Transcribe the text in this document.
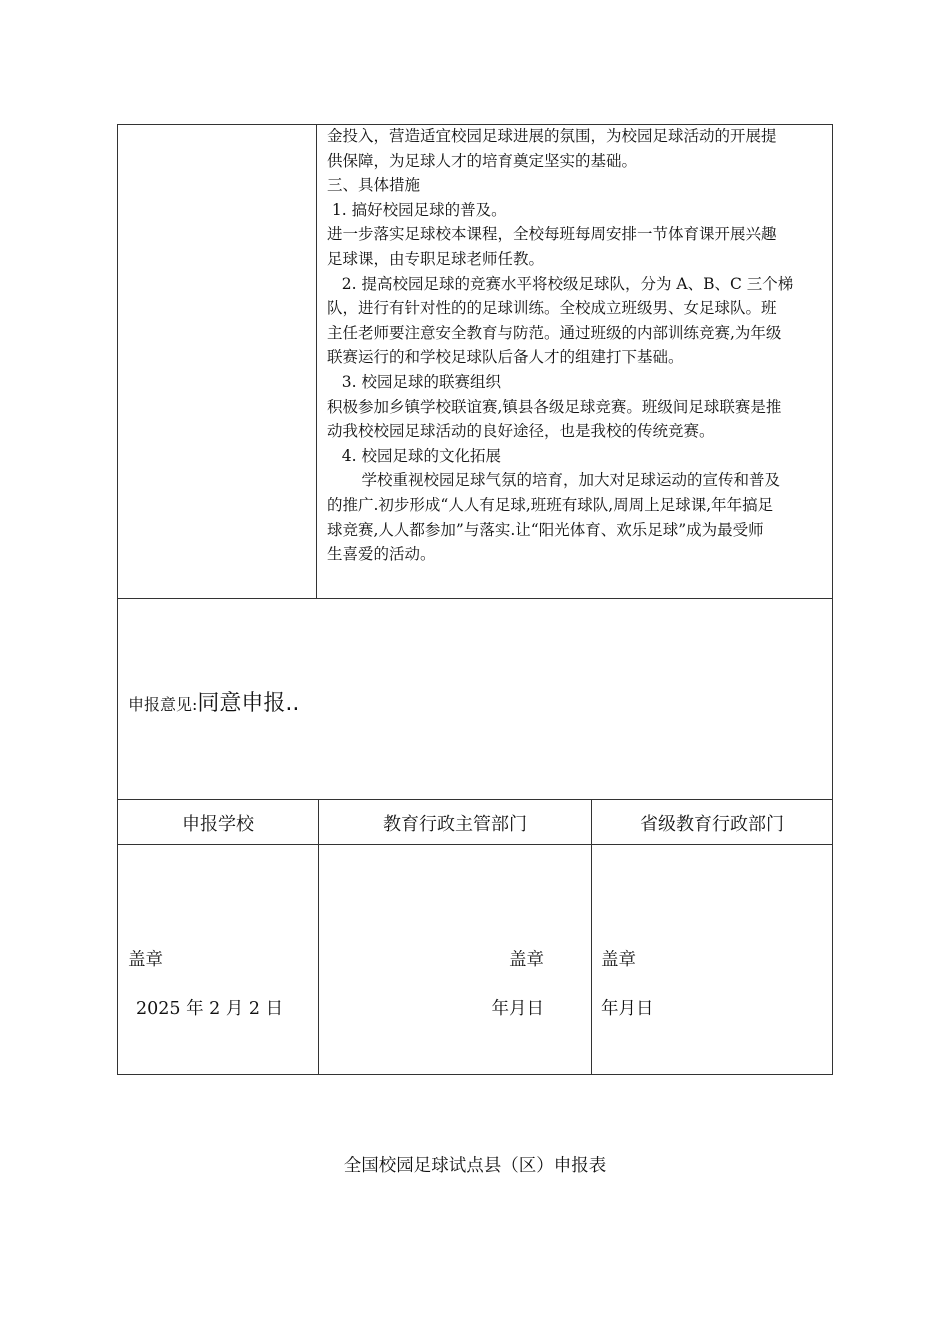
金投入，营造适宜校园足球进展的氛围，为校园足球活动的开展提

供保障，为足球人才的培育奠定坚实的基础。

三、具体措施

1. 搞好校园足球的普及。

进一步落实足球校本课程，全校每班每周安排一节体育课开展兴趣

足球课，由专职足球老师任教。

2. 提高校园足球的竞赛水平将校级足球队，分为 A、B、C 三个梯

队，进行有针对性的的足球训练。全校成立班级男、女足球队。班

主任老师要注意安全教育与防范。通过班级的内部训练竞赛,为年级

联赛运行的和学校足球队后备人才的组建打下基础。

3. 校园足球的联赛组织

积极参加乡镇学校联谊赛,镇县各级足球竞赛。班级间足球联赛是推

动我校校园足球活动的良好途径，也是我校的传统竞赛。

4. 校园足球的文化拓展

学校重视校园足球气氛的培育，加大对足球运动的宣传和普及

的推广.初步形成“人人有足球,班班有球队,周周上足球课,年年搞足

球竞赛,人人都参加”与落实.让“阳光体育、欢乐足球”成为最受师

生喜爱的活动。

申报意见:同意申报..
申报学校	教育行政主管部门	省级教育行政部门
盖章
2025 年 2 月 2 日
盖章
年月日
盖章
年月日
全国校园足球试点县（区）申报表
